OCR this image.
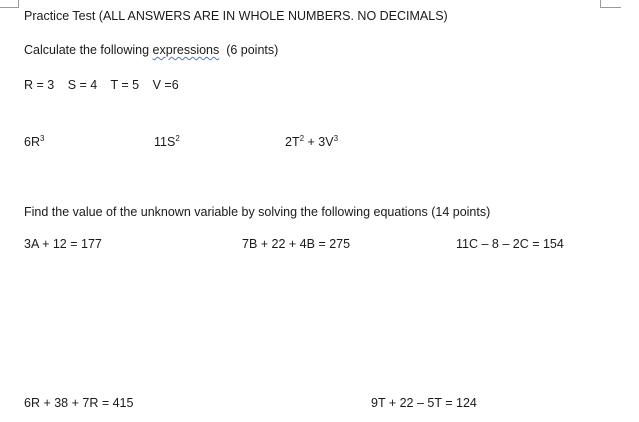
Practice Test (ALL ANSWERS ARE IN WHOLE NUMBERS. NO DECIMALS)
Calculate the following expressions  (6 points)
R = 3 S = 4 T = 5 V =6
$6R^3$	$11S^2$	$2T^2 + 3V^3$
Find the value of the unknown variable by solving the following equations (14 points)
3A + 12 = 177	7B + 22 + 4B = 275	11C – 8 – 2C = 154
6R + 38 + 7R = 415	9T + 22 – 5T = 124
